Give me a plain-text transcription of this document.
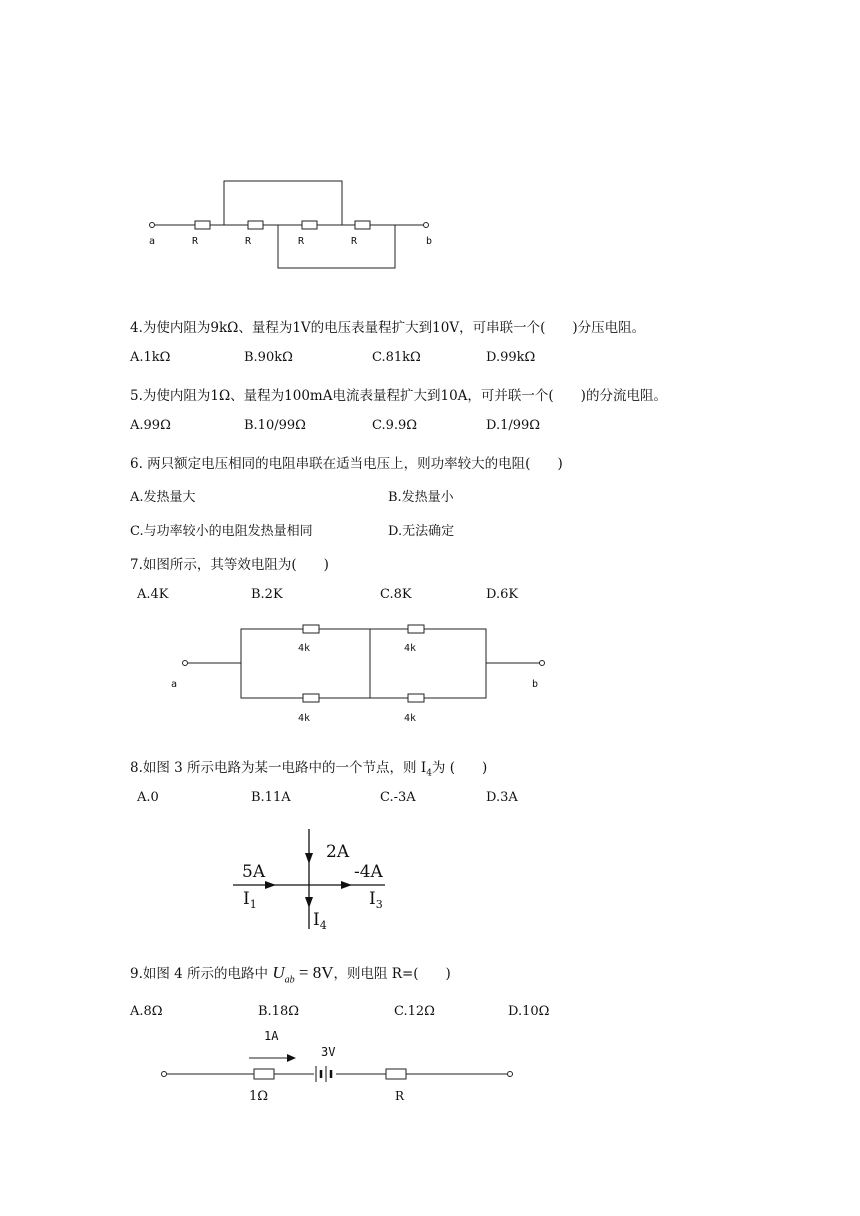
a	R	R	R	R	b
4.为使内阻为9kΩ、量程为1V的电压表量程扩大到10V，可串联一个(　　)分压电阻。
A.1kΩ	B.90kΩ	C.81kΩ	D.99kΩ
5.为使内阻为1Ω、量程为100mA电流表量程扩大到10A，可并联一个(　　)的分流电阻。
A.99Ω	B.10/99Ω	C.9.9Ω	D.1/99Ω
6. 两只额定电压相同的电阻串联在适当电压上，则功率较大的电阻(　　)
A.发热量大	B.发热量小
C.与功率较小的电阻发热量相同	D.无法确定
7.如图所示，其等效电阻为(　　)
A.4K	B.2K	C.8K	D.6K
4k	4k
4k	4k
a	b
8.如图 3 所示电路为某一电路中的一个节点，则 $I_4$为 (　　)
A.0	B.11A	C.-3A	D.3A
2A
5A	-4A
$I_1$	$I_3$
$I_4$
9.如图 4 所示的电路中 $U_{ab} = 8V$，则电阻 R=(　　)
A.8Ω	B.18Ω	C.12Ω	D.10Ω
1A
3V
1Ω	R
